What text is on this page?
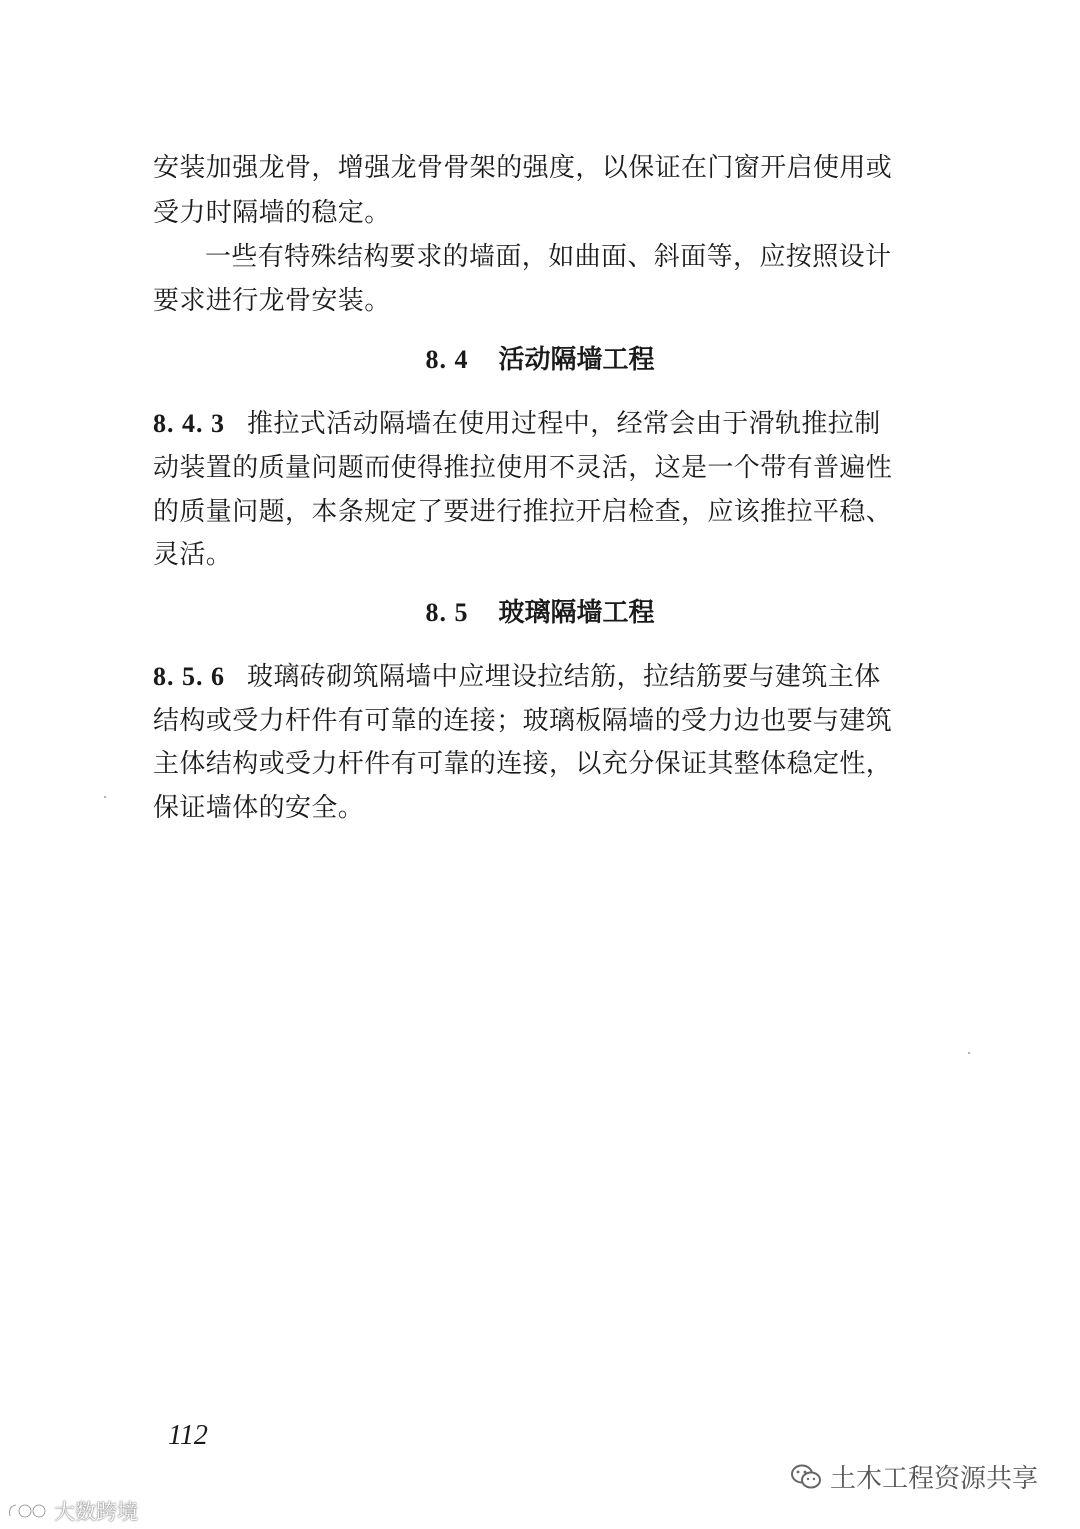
安装加强龙骨，增强龙骨骨架的强度，以保证在门窗开启使用或
受力时隔墙的稳定。
一些有特殊结构要求的墙面，如曲面、斜面等，应按照设计
要求进行龙骨安装。
8. 4 活动隔墙工程
8. 4. 3 推拉式活动隔墙在使用过程中，经常会由于滑轨推拉制
动装置的质量问题而使得推拉使用不灵活，这是一个带有普遍性
的质量问题，本条规定了要进行推拉开启检查，应该推拉平稳、
灵活。
8. 5 玻璃隔墙工程
8. 5. 6 玻璃砖砌筑隔墙中应埋设拉结筋，拉结筋要与建筑主体
结构或受力杆件有可靠的连接；玻璃板隔墙的受力边也要与建筑
主体结构或受力杆件有可靠的连接，以充分保证其整体稳定性，
保证墙体的安全。
112
土木工程资源共享
大数跨境
